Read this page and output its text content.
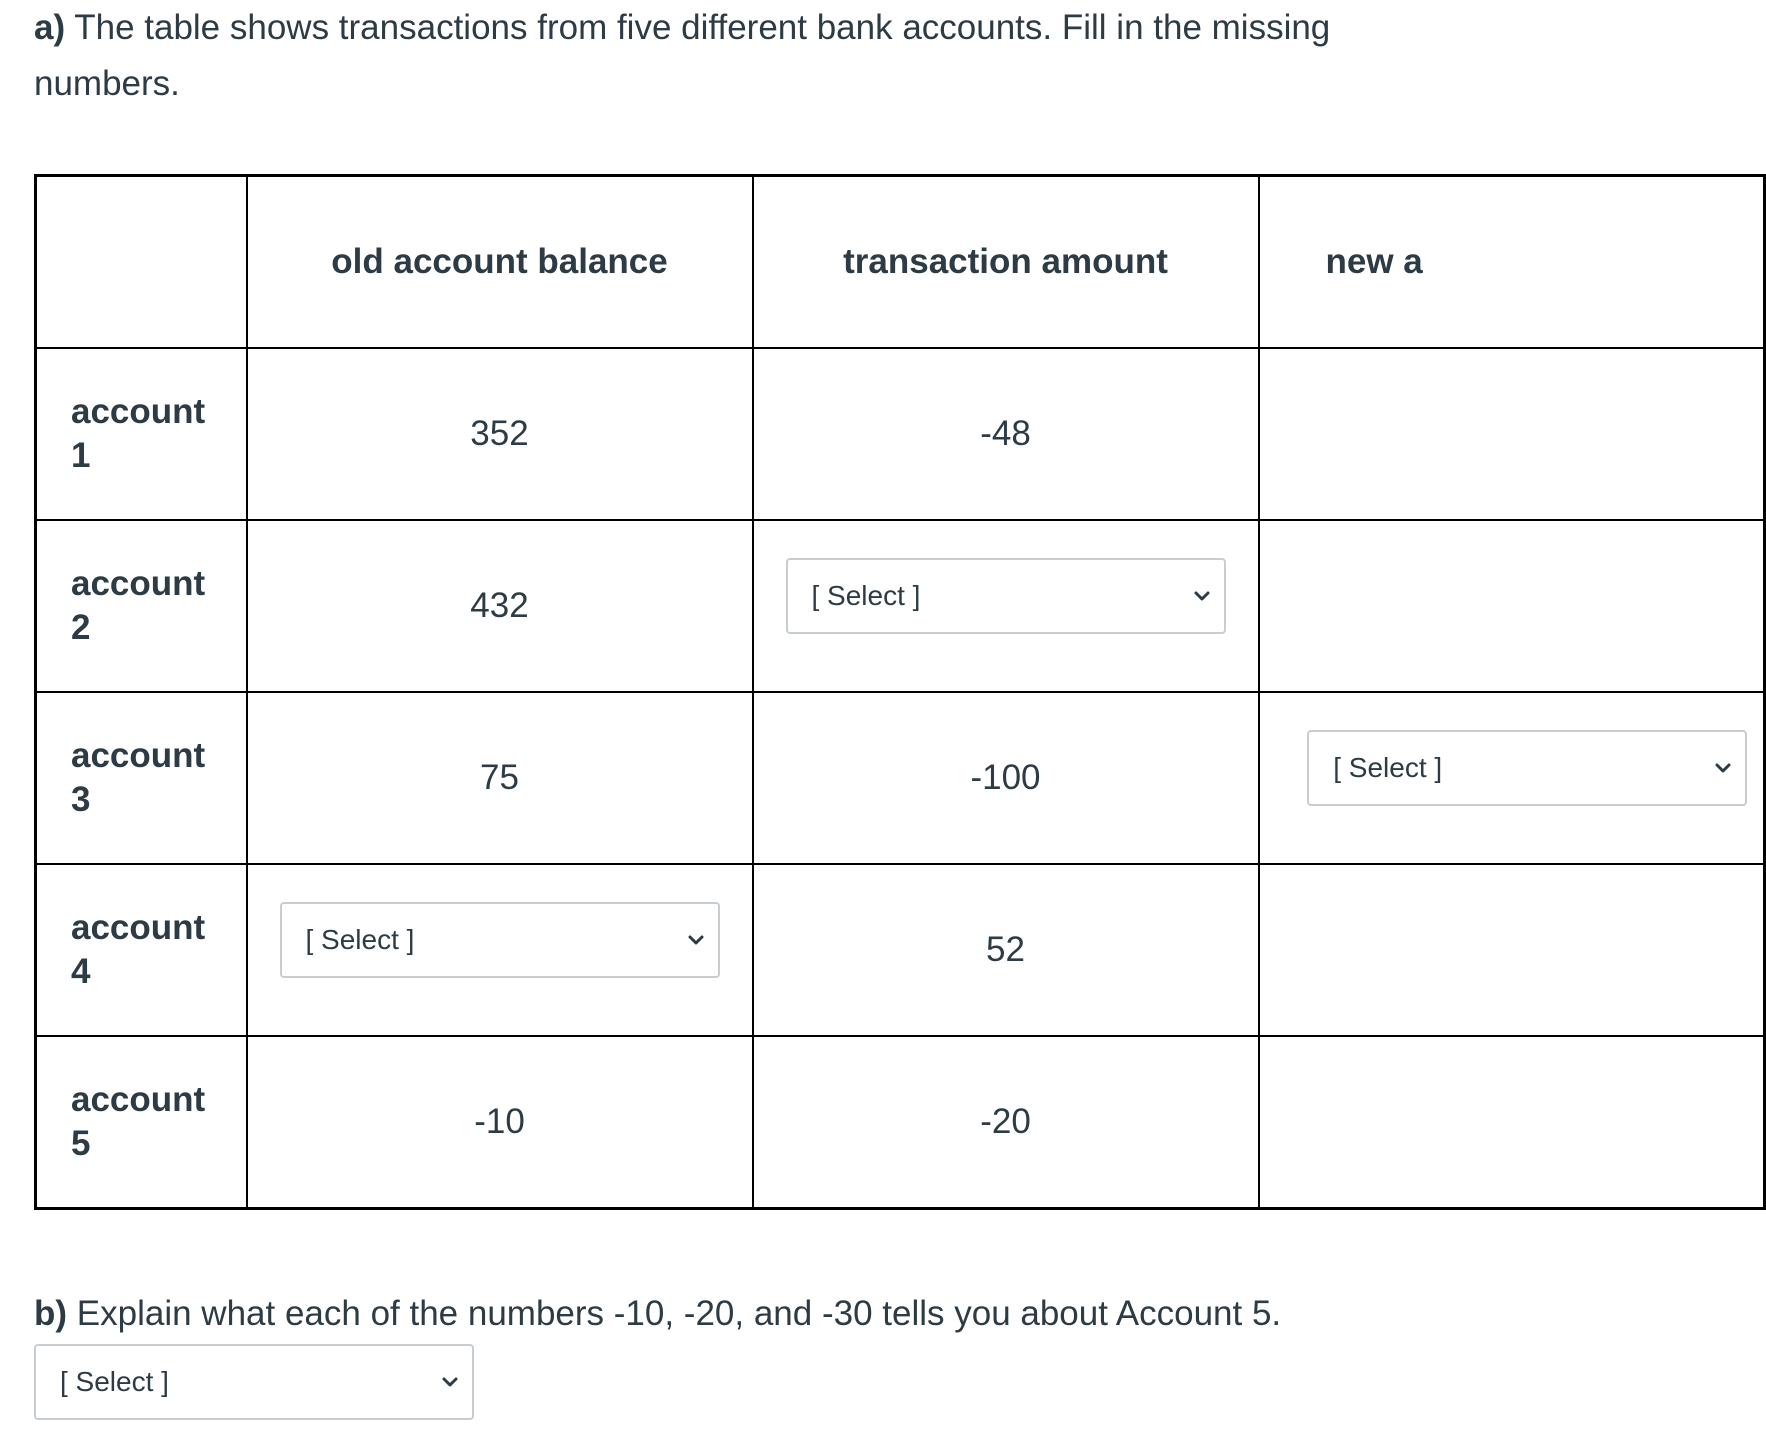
a) The table shows transactions from five different bank accounts. Fill in the missing
numbers.

	old account balance	transaction amount	new a
account
1	352	-48	
account
2	432	[ Select ]	

account
3	75	-100	[ Select ]

account
4	[ Select ]	52	
account
5	-10	-20	

b) Explain what each of the numbers -10, -20, and -30 tells you about Account 5.

[ Select ]
